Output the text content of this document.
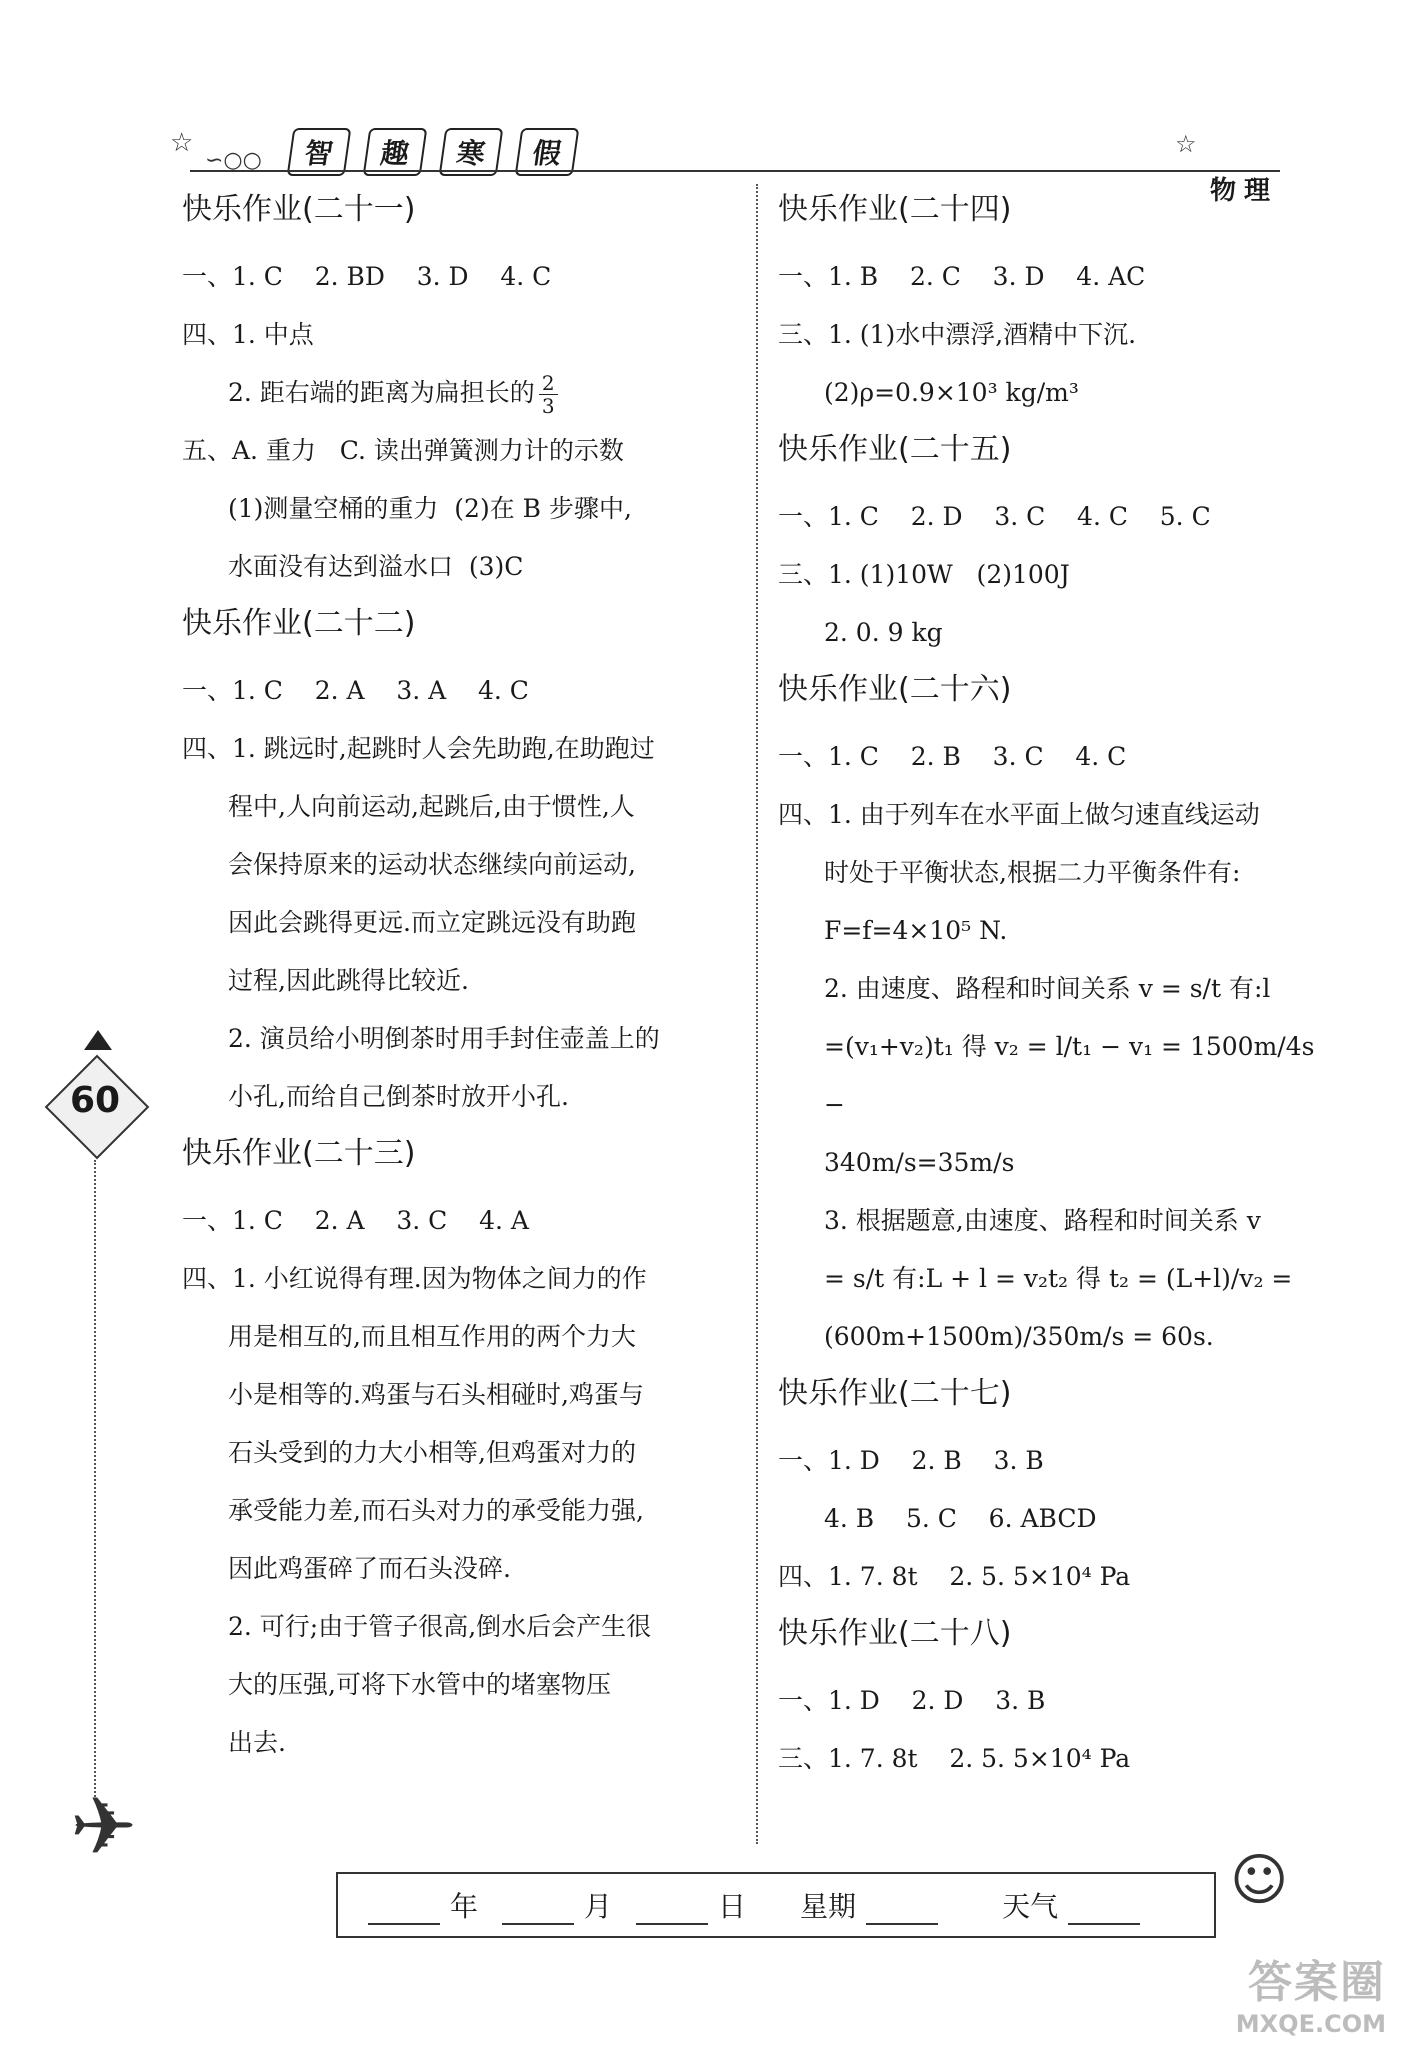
☆
∽○○	智	趣	寒	假	☆
物理
60
快乐作业(二十一)
一、1. C    2. BD    3. D    4. C
四、1. 中点
2. 距右端的距离为扁担长的 $\frac{2}{3}$
五、A. 重力   C. 读出弹簧测力计的示数
(1)测量空桶的重力  (2)在 B 步骤中,
水面没有达到溢水口  (3)C
快乐作业(二十二)
一、1. C    2. A    3. A    4. C
四、1. 跳远时,起跳时人会先助跑,在助跑过
程中,人向前运动,起跳后,由于惯性,人
会保持原来的运动状态继续向前运动,
因此会跳得更远.而立定跳远没有助跑
过程,因此跳得比较近.
2. 演员给小明倒茶时用手封住壶盖上的
小孔,而给自己倒茶时放开小孔.
快乐作业(二十三)
一、1. C    2. A    3. C    4. A
四、1. 小红说得有理.因为物体之间力的作
用是相互的,而且相互作用的两个力大
小是相等的.鸡蛋与石头相碰时,鸡蛋与
石头受到的力大小相等,但鸡蛋对力的
承受能力差,而石头对力的承受能力强,
因此鸡蛋碎了而石头没碎.
2. 可行;由于管子很高,倒水后会产生很
大的压强,可将下水管中的堵塞物压
出去.
快乐作业(二十四)
一、1. B    2. C    3. D    4. AC
三、1. (1)水中漂浮,酒精中下沉.
(2)ρ=0.9×10³ kg/m³
快乐作业(二十五)
一、1. C    2. D    3. C    4. C    5. C
三、1. (1)10W   (2)100J
2. 0. 9 kg
快乐作业(二十六)
一、1. C    2. B    3. C    4. C
四、1. 由于列车在水平面上做匀速直线运动
时处于平衡状态,根据二力平衡条件有:
F=f=4×10⁵ N.
2. 由速度、路程和时间关系 v = s/t 有:l
=(v₁+v₂)t₁ 得 v₂ = l/t₁ − v₁ = 1500m/4s −
340m/s=35m/s
3. 根据题意,由速度、路程和时间关系 v
= s/t 有:L + l = v₂t₂ 得 t₂ = (L+l)/v₂ =
(600m+1500m)/350m/s = 60s.
快乐作业(二十七)
一、1. D    2. B    3. B
4. B    5. C    6. ABCD
四、1. 7. 8t    2. 5. 5×10⁴ Pa
快乐作业(二十八)
一、1. D    2. D    3. B
三、1. 7. 8t    2. 5. 5×10⁴ Pa
✈
☺
年	月	日 星期	天气
答案圈
MXQE.COM
